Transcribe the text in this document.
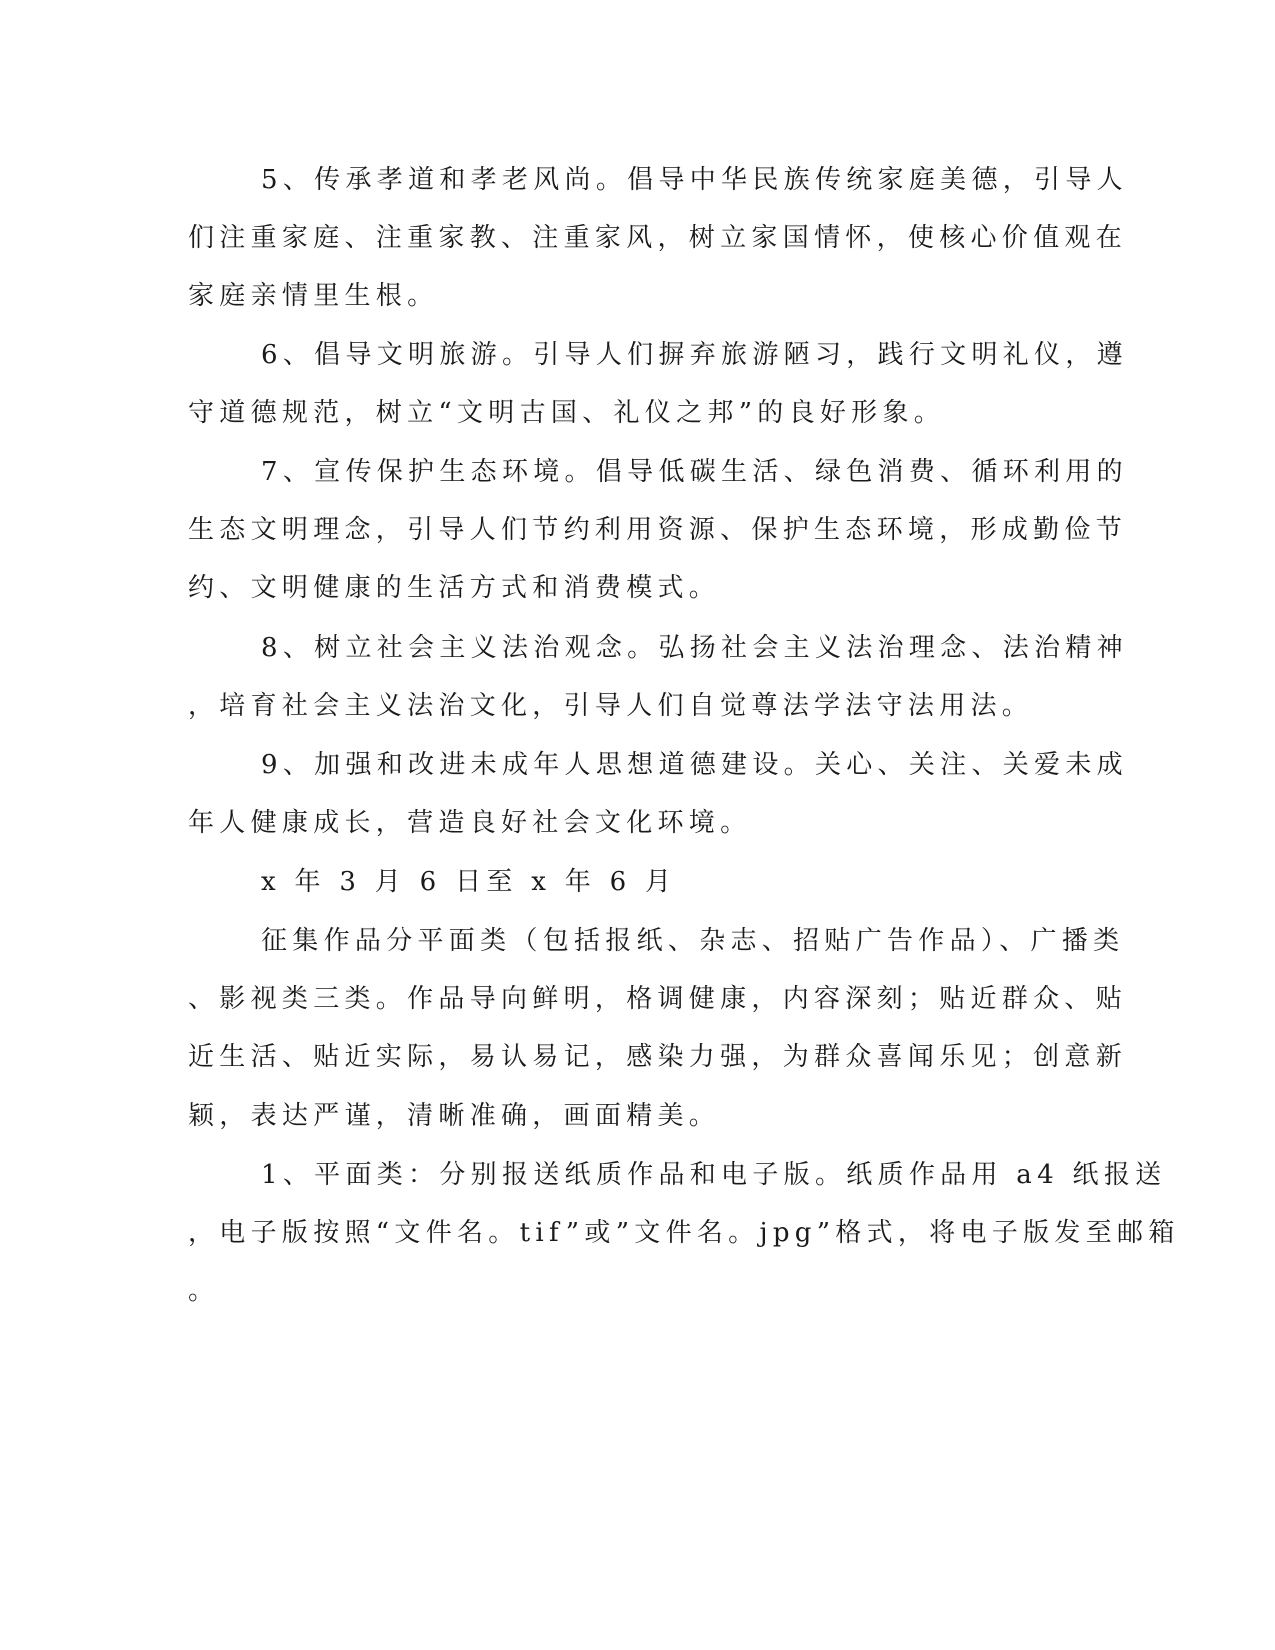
5、传承孝道和孝老风尚。倡导中华民族传统家庭美德，引导人
们注重家庭、注重家教、注重家风，树立家国情怀，使核心价值观在
家庭亲情里生根。
6、倡导文明旅游。引导人们摒弃旅游陋习，践行文明礼仪，遵
守道德规范，树立“文明古国、礼仪之邦”的良好形象。
7、宣传保护生态环境。倡导低碳生活、绿色消费、循环利用的
生态文明理念，引导人们节约利用资源、保护生态环境，形成勤俭节
约、文明健康的生活方式和消费模式。
8、树立社会主义法治观念。弘扬社会主义法治理念、法治精神
，培育社会主义法治文化，引导人们自觉尊法学法守法用法。
9、加强和改进未成年人思想道德建设。关心、关注、关爱未成
年人健康成长，营造良好社会文化环境。
x 年 3 月 6 日至 x 年 6 月
征集作品分平面类（包括报纸、杂志、招贴广告作品）、广播类
、影视类三类。作品导向鲜明，格调健康，内容深刻；贴近群众、贴
近生活、贴近实际，易认易记，感染力强，为群众喜闻乐见；创意新
颖，表达严谨，清晰准确，画面精美。
1、平面类：分别报送纸质作品和电子版。纸质作品用 a4 纸报送
，电子版按照“文件名。tif”或”文件名。jpg”格式，将电子版发至邮箱
。
